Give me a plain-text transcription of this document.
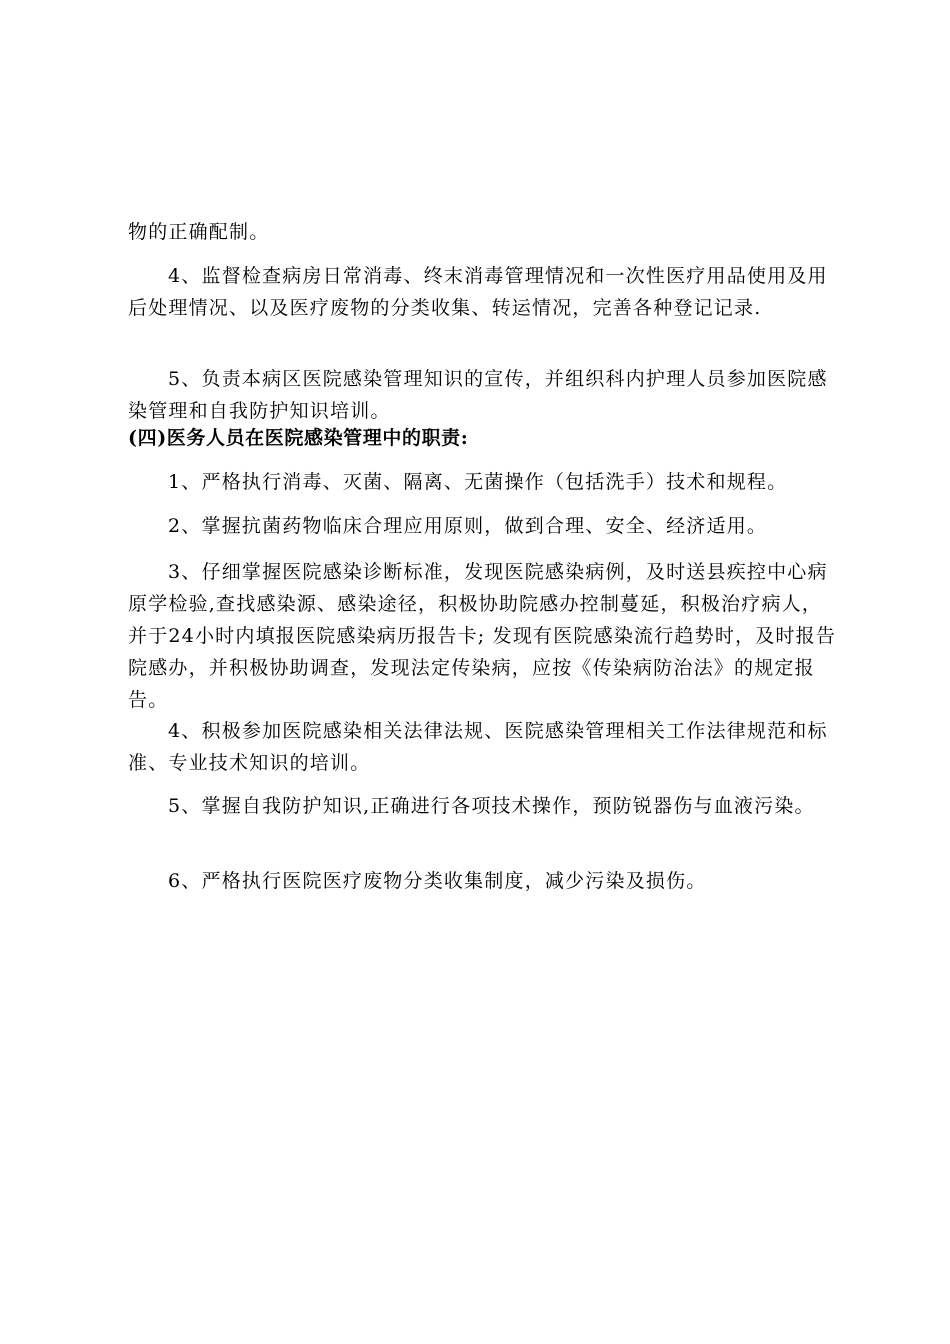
物的正确配制。

4、监督检查病房日常消毒、终末消毒管理情况和一次性医疗用品使用及用后处理情况、以及医疗废物的分类收集、转运情况，完善各种登记记录.

5、负责本病区医院感染管理知识的宣传，并组织科内护理人员参加医院感染管理和自我防护知识培训。

(四)医务人员在医院感染管理中的职责:

1、严格执行消毒、灭菌、隔离、无菌操作（包括洗手）技术和规程。

2、掌握抗菌药物临床合理应用原则，做到合理、安全、经济适用。

3、仔细掌握医院感染诊断标准，发现医院感染病例，及时送县疾控中心病原学检验,查找感染源、感染途径，积极协助院感办控制蔓延，积极治疗病人，并于24小时内填报医院感染病历报告卡; 发现有医院感染流行趋势时，及时报告院感办，并积极协助调查，发现法定传染病，应按《传染病防治法》的规定报告。

4、积极参加医院感染相关法律法规、医院感染管理相关工作法律规范和标准、专业技术知识的培训。

5、掌握自我防护知识,正确进行各项技术操作，预防锐器伤与血液污染。

6、严格执行医院医疗废物分类收集制度，减少污染及损伤。
